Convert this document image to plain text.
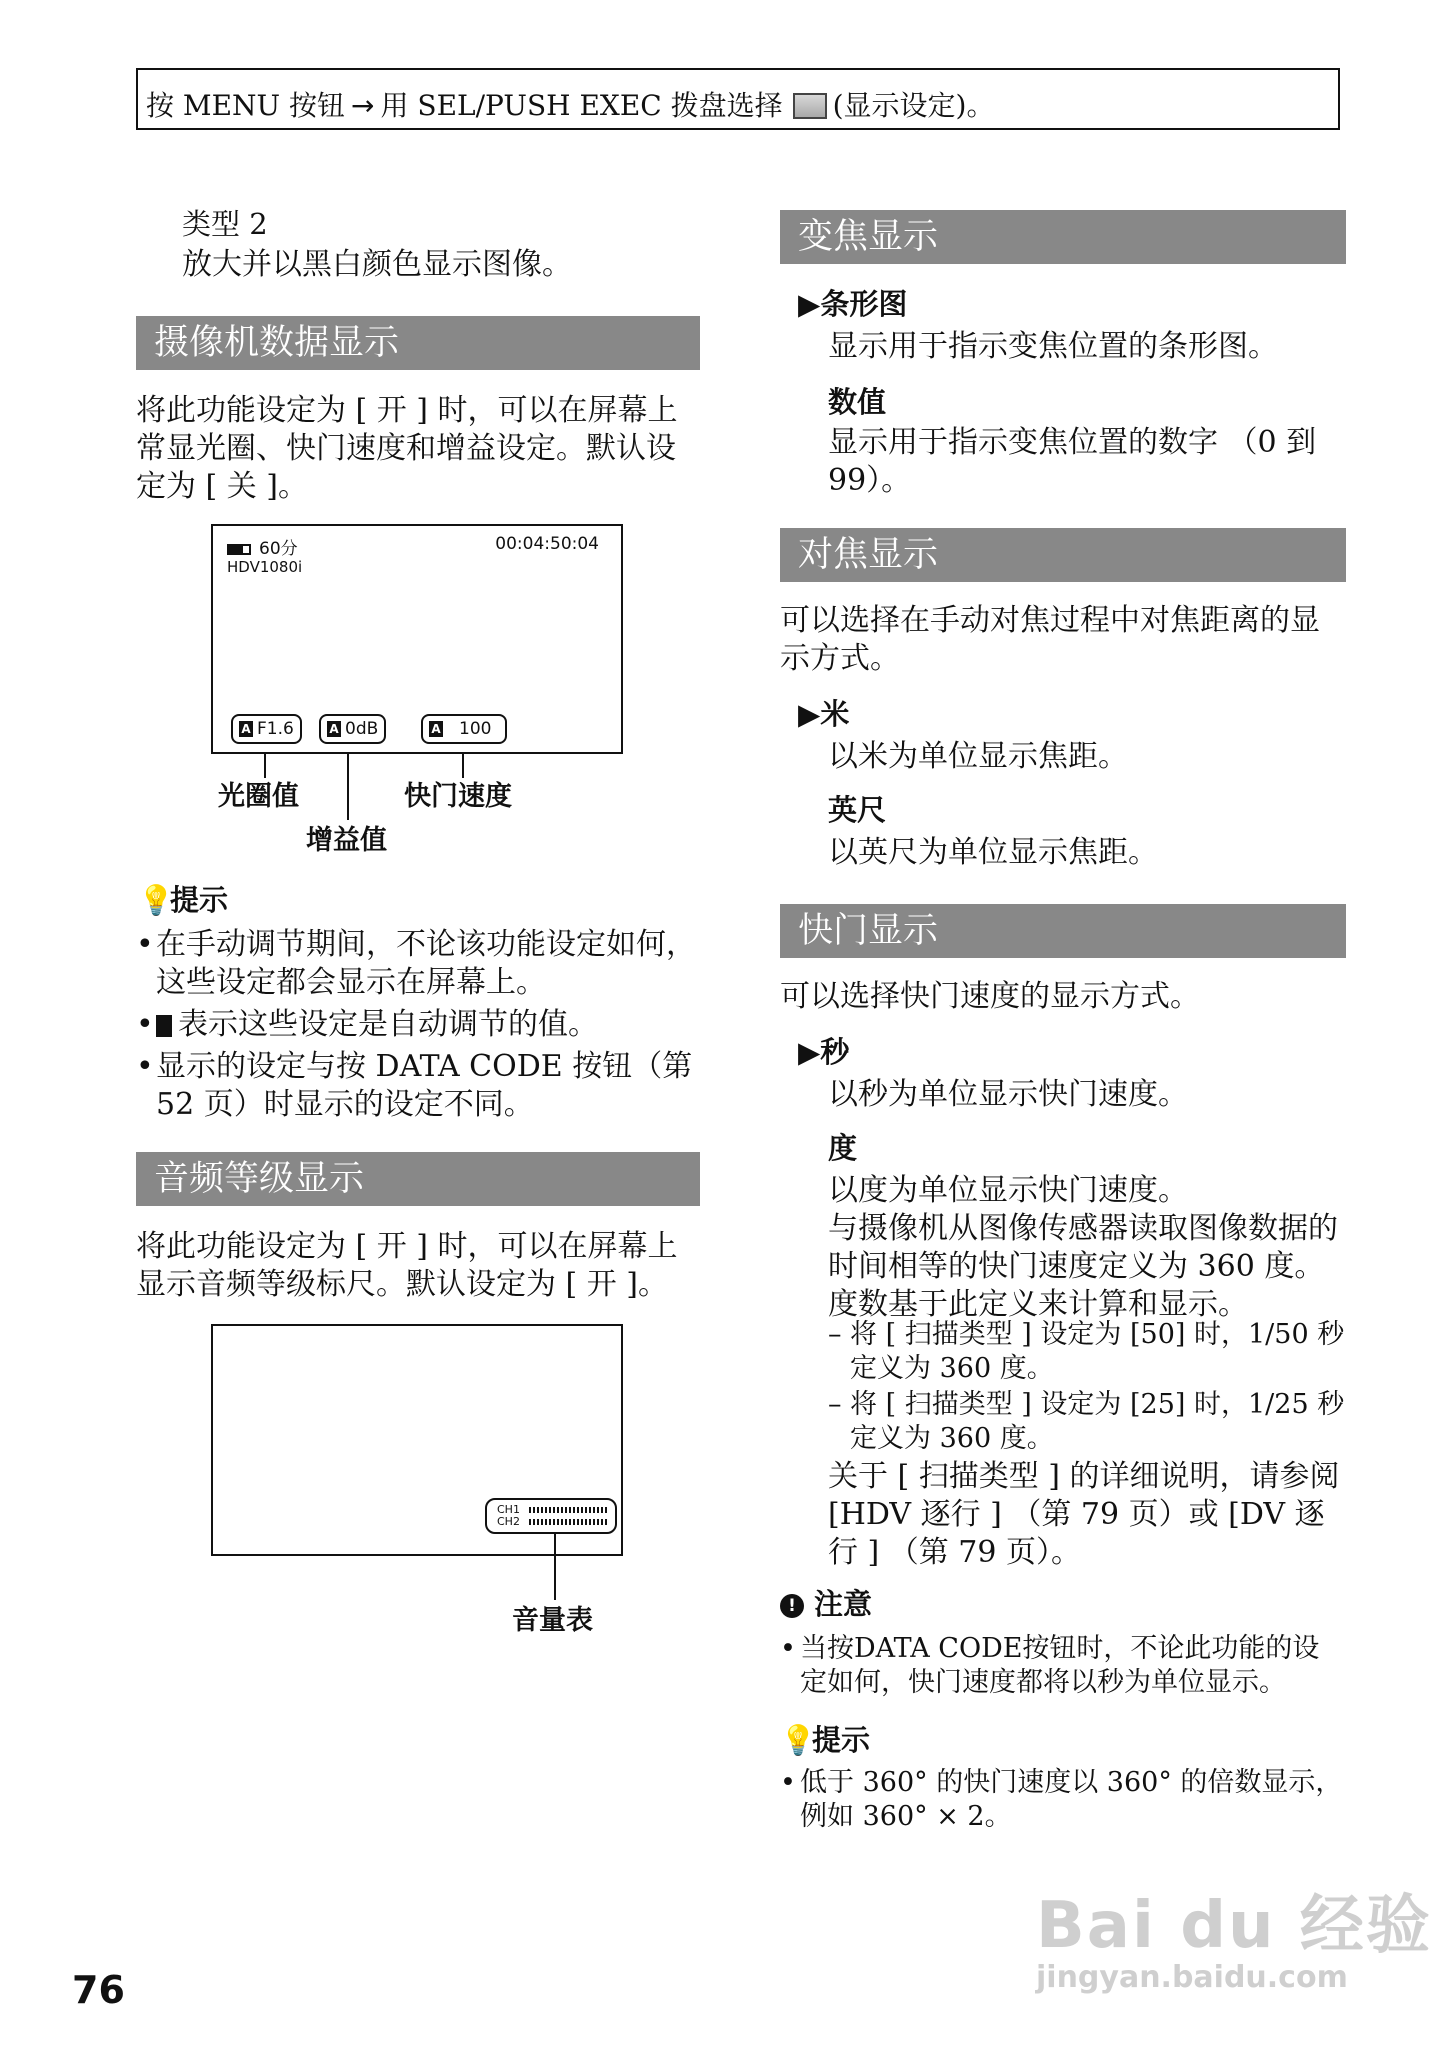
按 MENU 按钮 → 用 SEL/PUSH EXEC 拨盘选择 (显示设定)。
类型 2
放大并以黑白颜色显示图像。
摄像机数据显示
将此功能设定为 [ 开 ] 时，可以在屏幕上常显光圈、快门速度和增益设定。默认设定为 [ 关 ]。
60分	00:04:50:04
HDV1080i
A F1.6	A 0dB	A 100
光圈值
增益值
快门速度
💡提示
• 在手动调节期间，不论该功能设定如何，这些设定都会显示在屏幕上。
• 表示这些设定是自动调节的值。
• 显示的设定与按 DATA CODE 按钮（第 52 页）时显示的设定不同。
音频等级显示
将此功能设定为 [ 开 ] 时，可以在屏幕上显示音频等级标尺。默认设定为 [ 开 ]。
CH1
CH2
音量表
变焦显示
▶条形图
显示用于指示变焦位置的条形图。
数值
显示用于指示变焦位置的数字 （0 到 99）。
对焦显示
可以选择在手动对焦过程中对焦距离的显示方式。
▶米
以米为单位显示焦距。
英尺
以英尺为单位显示焦距。
快门显示
可以选择快门速度的显示方式。
▶秒
以秒为单位显示快门速度。
度
以度为单位显示快门速度。
与摄像机从图像传感器读取图像数据的时间相等的快门速度定义为 360 度。度数基于此定义来计算和显示。
– 将 [ 扫描类型 ] 设定为 [50] 时，1/50 秒定义为 360 度。
– 将 [ 扫描类型 ] 设定为 [25] 时，1/25 秒定义为 360 度。
关于 [ 扫描类型 ] 的详细说明，请参阅 [HDV 逐行 ] （第 79 页）或 [DV 逐行 ] （第 79 页）。
! 注意
• 当按DATA CODE按钮时，不论此功能的设定如何，快门速度都将以秒为单位显示。
💡提示
• 低于 360° 的快门速度以 360° 的倍数显示，例如 360° × 2。
76
Bai du 经验
jingyan.baidu.com
